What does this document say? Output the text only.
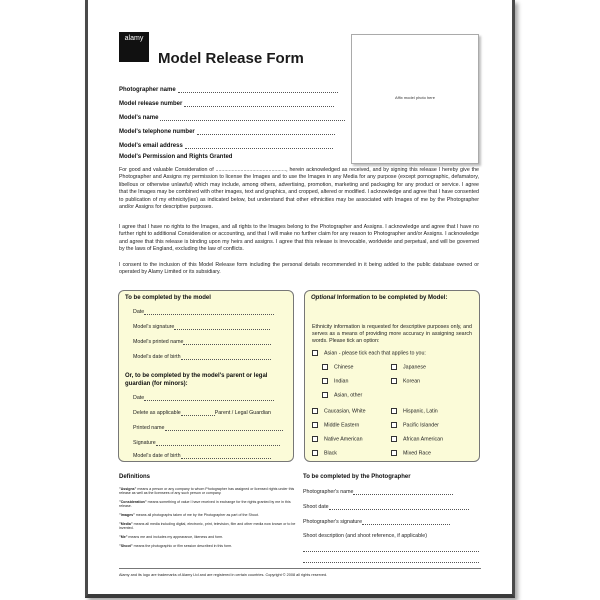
alamy
Model Release Form
Affix model photo here
Photographer name
Model release number
Model's name
Model's telephone number
Model's email address
Model's Permission and Rights Granted
For good and valuable Consideration of ................................................, herein acknowledged as received, and by signing this release I hereby give the Photographer and Assigns my permission to license the Images and to use the Images in any Media for any purpose (except pornographic, defamatory, libellous or otherwise unlawful) which may include, among others, advertising, promotion, marketing and packaging for any product or service. I agree that the Images may be combined with other images, text and graphics, and cropped, altered or modified. I acknowledge and agree that I have consented to publication of my ethnicity(ies) as indicated below, but understand that other ethnicities may be associated with Images of me by the Photographer and/or Assigns for descriptive purposes.
I agree that I have no rights to the Images, and all rights to the Images belong to the Photographer and Assigns. I acknowledge and agree that I have no further right to additional Consideration or accounting, and that I will make no further claim for any reason to Photographer and/or Assigns. I acknowledge and agree that this release is binding upon my heirs and assigns. I agree that this release is irrevocable, worldwide and perpetual, and will be governed by the laws of England, excluding the law of conflicts.
I consent to the inclusion of this Model Release form including the personal details recommended in it being added to the public database owned or operated by Alamy Limited or its subsidiary.
To be completed by the model
Date
Model's signature
Model's printed name
Model's date of birth
Or, to be completed by the model's parent or legal
guardian (for minors):
Date
Delete as applicable	Parent / Legal Guardian
Printed name
Signature
Model's date of birth
Optional Information to be completed by Model:
Ethnicity information is requested for descriptive purposes only, and serves as a means of providing more accuracy in assigning search words. Please tick an option:
Asian - please tick each that applies to you:
Chinese	Japanese
Indian	Korean
Asian, other
Caucasian, White	Hispanic, Latin
Middle Eastern	Pacific Islander
Native American	African American
Black	Mixed Race
Definitions
"Assigns" means a person or any company to whom Photographer has assigned or licensed rights under this release as well as the licensees of any such person or company.
"Consideration" means something of value I have received in exchange for the rights granted by me in this release.
"Images" means all photographs taken of me by the Photographer as part of the Shoot.
"Media" means all media including digital, electronic, print, television, film and other media now known or to be invented.
"Me" means me and includes my appearance, likeness and form.
"Shoot" means the photographic or film session described in this form.
To be completed by the Photographer
Photographer's name
Shoot date
Photographer's signature
Shoot description (and shoot reference, if applicable)
Alamy and its logo are trademarks of Alamy Ltd and are registered in certain countries. Copyright © 2008 all rights reserved.
